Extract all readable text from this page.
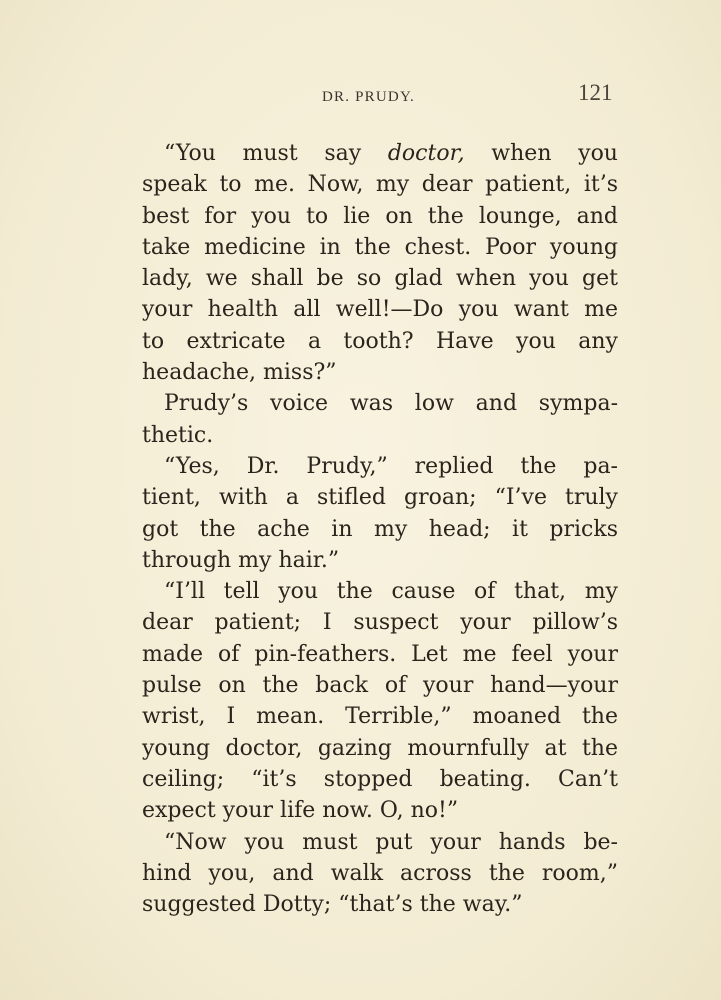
DR. PRUDY.	121
“You must say doctor, when you
speak to me. Now, my dear patient, it’s
best for you to lie on the lounge, and
take medicine in the chest. Poor young
lady, we shall be so glad when you get
your health all well!—Do you want me
to extricate a tooth? Have you any
headache, miss?”
Prudy’s voice was low and sympa-
thetic.
“Yes, Dr. Prudy,” replied the pa-
tient, with a stifled groan; “I’ve truly
got the ache in my head; it pricks
through my hair.”
“I’ll tell you the cause of that, my
dear patient; I suspect your pillow’s
made of pin-feathers. Let me feel your
pulse on the back of your hand—your
wrist, I mean. Terrible,” moaned the
young doctor, gazing mournfully at the
ceiling; “it’s stopped beating. Can’t
expect your life now. O, no!”
“Now you must put your hands be-
hind you, and walk across the room,”
suggested Dotty; “that’s the way.”
